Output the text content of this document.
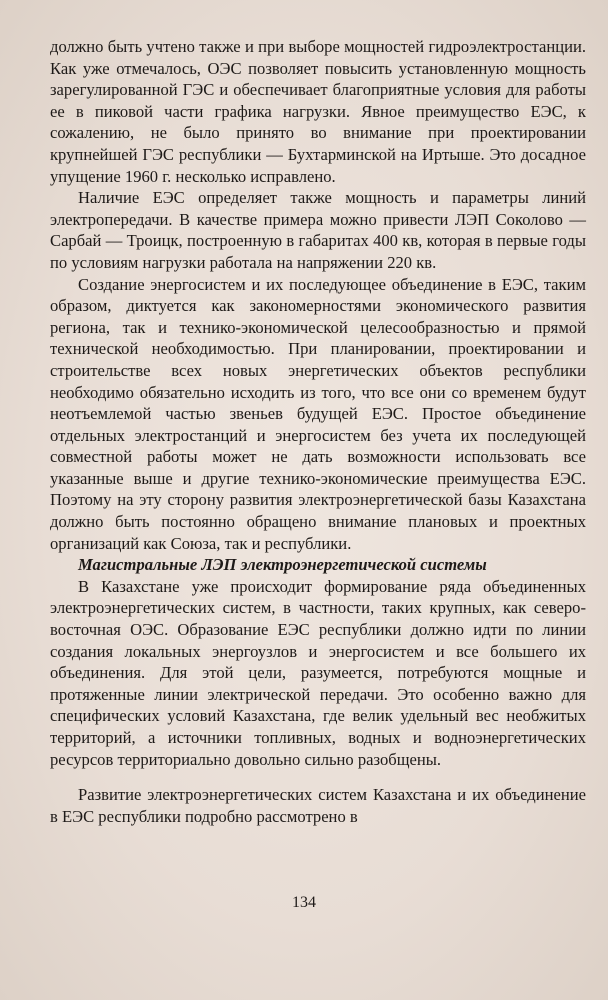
должно быть учтено также и при выборе мощностей гидроэлектростанции. Как уже отмечалось, ОЭС позволяет повысить установленную мощность зарегулированной ГЭС и обеспечивает благоприятные условия для работы ее в пиковой части графика нагрузки. Явное преимущество ЕЭС, к сожалению, не было принято во внимание при проектировании крупнейшей ГЭС республики — Бухтарминской на Иртыше. Это досадное упущение 1960 г. несколько исправлено.

Наличие ЕЭС определяет также мощность и параметры линий электропередачи. В качестве примера можно привести ЛЭП Соколово — Сарбай — Троицк, построенную в габаритах 400 кв, которая в первые годы по условиям нагрузки работала на напряжении 220 кв.

Создание энергосистем и их последующее объединение в ЕЭС, таким образом, диктуется как закономерностями экономического развития региона, так и технико-экономической целесообразностью и прямой технической необходимостью. При планировании, проектировании и строительстве всех новых энергетических объектов республики необходимо обязательно исходить из того, что все они со временем будут неотъемлемой частью звеньев будущей ЕЭС. Простое объединение отдельных электростанций и энергосистем без учета их последующей совместной работы может не дать возможности использовать все указанные выше и другие технико-экономические преимущества ЕЭС. Поэтому на эту сторону развития электроэнергетической базы Казахстана должно быть постоянно обращено внимание плановых и проектных организаций как Союза, так и республики.

Магистральные ЛЭП электроэнергетической системы

В Казахстане уже происходит формирование ряда объединенных электроэнергетических систем, в частности, таких крупных, как северо-восточная ОЭС. Образование ЕЭС республики должно идти по линии создания локальных энергоузлов и энергосистем и все большего их объединения. Для этой цели, разумеется, потребуются мощные и протяженные линии электрической передачи. Это особенно важно для специфических условий Казахстана, где велик удельный вес необжитых территорий, а источники топливных, водных и водноэнергетических ресурсов территориально довольно сильно разобщены.

Развитие электроэнергетических систем Казахстана и их объединение в ЕЭС республики подробно рассмотрено в

134
